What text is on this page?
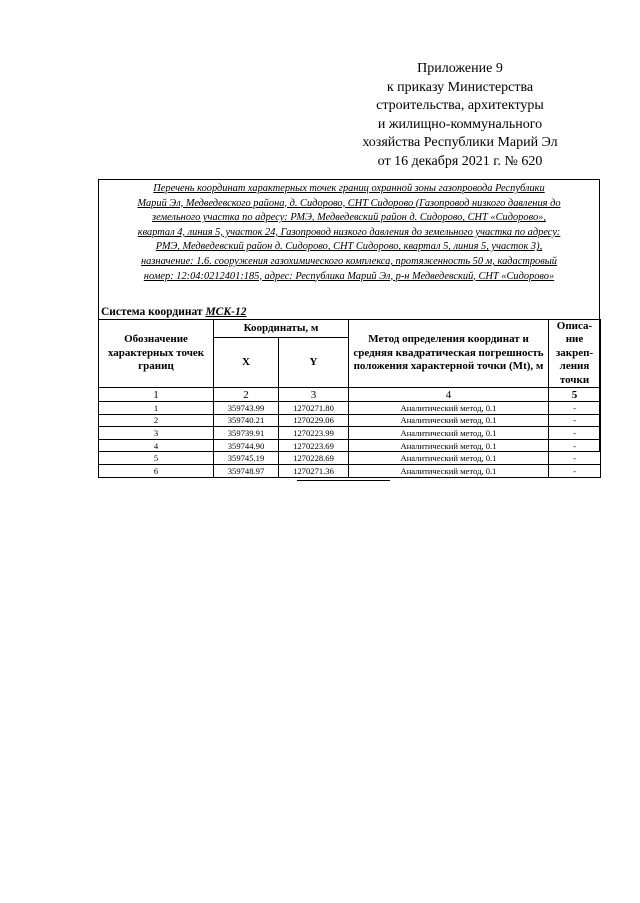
Приложение 9
к приказу Министерства
строительства, архитектуры
и жилищно-коммунального
хозяйства Республики Марий Эл
от 16 декабря 2021 г. № 620
Перечень координат характерных точек границ охранной зоны газопровода Республики
Марий Эл, Медведевского района, д. Сидорово, СНТ Сидорово (Газопровод низкого давления до
земельного участка по адресу: РМЭ, Медведевский район д. Сидорово, СНТ «Сидорово»,
квартал 4, линия 5, участок 24, Газопровод низкого давления до земельного участка по адресу:
РМЭ, Медведевский район д. Сидорово, СНТ Сидорово, квартал 5, линия 5, участок 3),
назначение: 1.6. сооружения газохимического комплекса, протяженность 50 м, кадастровый
номер: 12:04:0212401:185, адрес: Республика Марий Эл, р-н Медведевский, СНТ «Сидорово»
Система координат МСК-12
Обозначение характерных точек границ	Координаты, м		Метод определения координат и средняя квадратическая погрешность положения характерной точки (Mt), м	Описа-ние закреп-ления точки
	X	Y		
1	2	3	4	5
1	359743.99	1270271.80	Аналитический метод, 0.1	-
2	359740.21	1270229.06	Аналитический метод, 0.1	-
3	359739.91	1270223.99	Аналитический метод, 0.1	-
4	359744.90	1270223.69	Аналитический метод, 0.1	-
5	359745.19	1270228.69	Аналитический метод, 0.1	-
6	359748.97	1270271.36	Аналитический метод, 0.1	-
